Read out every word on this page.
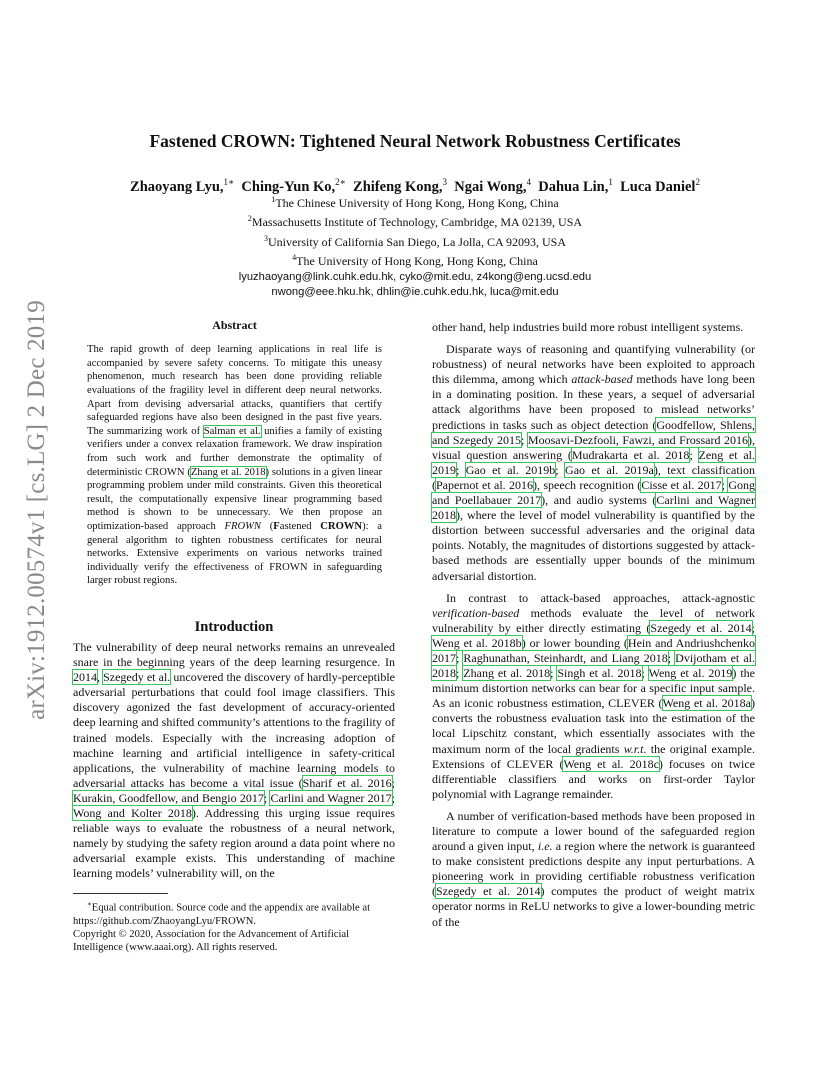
arXiv:1912.00574v1 [cs.LG] 2 Dec 2019
Fastened CROWN: Tightened Neural Network Robustness Certificates
Zhaoyang Lyu,$^{1∗}$ Ching-Yun Ko,$^{2∗}$ Zhifeng Kong,$^3$ Ngai Wong,$^4$ Dahua Lin,$^1$ Luca Daniel$^2$
$^1$The Chinese University of Hong Kong, Hong Kong, China
$^2$Massachusetts Institute of Technology, Cambridge, MA 02139, USA
$^3$University of California San Diego, La Jolla, CA 92093, USA
$^4$The University of Hong Kong, Hong Kong, China
lyuzhaoyang@link.cuhk.edu.hk, cyko@mit.edu, z4kong@eng.ucsd.edu
nwong@eee.hku.hk, dhlin@ie.cuhk.edu.hk, luca@mit.edu
Abstract

The rapid growth of deep learning applications in real life is accompanied by severe safety concerns. To mitigate this uneasy phenomenon, much research has been done providing reliable evaluations of the fragility level in different deep neural networks. Apart from devising adversarial attacks, quantifiers that certify safeguarded regions have also been designed in the past five years. The summarizing work of Salman et al. unifies a family of existing verifiers under a convex relaxation framework. We draw inspiration from such work and further demonstrate the optimality of deterministic CROWN (Zhang et al. 2018) solutions in a given linear programming problem under mild constraints. Given this theoretical result, the computationally expensive linear programming based method is shown to be unnecessary. We then propose an optimization-based approach FROWN (Fastened CROWN): a general algorithm to tighten robustness certificates for neural networks. Extensive experiments on various networks trained individually verify the effectiveness of FROWN in safeguarding larger robust regions.

Introduction

The vulnerability of deep neural networks remains an unrevealed snare in the beginning years of the deep learning resurgence. In 2014, Szegedy et al. uncovered the discovery of hardly-perceptible adversarial perturbations that could fool image classifiers. This discovery agonized the fast development of accuracy-oriented deep learning and shifted community’s attentions to the fragility of trained models. Especially with the increasing adoption of machine learning and artificial intelligence in safety-critical applications, the vulnerability of machine learning models to adversarial attacks has become a vital issue (Sharif et al. 2016; Kurakin, Goodfellow, and Bengio 2017; Carlini and Wagner 2017; Wong and Kolter 2018). Addressing this urging issue requires reliable ways to evaluate the robustness of a neural network, namely by studying the safety region around a data point where no adversarial example exists. This understanding of machine learning models’ vulnerability will, on the

∗Equal contribution. Source code and the appendix are available at https://github.com/ZhaoyangLyu/FROWN.

Copyright © 2020, Association for the Advancement of Artificial Intelligence (www.aaai.org). All rights reserved.

other hand, help industries build more robust intelligent systems.

Disparate ways of reasoning and quantifying vulnerability (or robustness) of neural networks have been exploited to approach this dilemma, among which attack-based methods have long been in a dominating position. In these years, a sequel of adversarial attack algorithms have been proposed to mislead networks’ predictions in tasks such as object detection (Goodfellow, Shlens, and Szegedy 2015; Moosavi-Dezfooli, Fawzi, and Frossard 2016), visual question answering (Mudrakarta et al. 2018; Zeng et al. 2019; Gao et al. 2019b; Gao et al. 2019a), text classification (Papernot et al. 2016), speech recognition (Cisse et al. 2017; Gong and Poellabauer 2017), and audio systems (Carlini and Wagner 2018), where the level of model vulnerability is quantified by the distortion between successful adversaries and the original data points. Notably, the magnitudes of distortions suggested by attack-based methods are essentially upper bounds of the minimum adversarial distortion.

In contrast to attack-based approaches, attack-agnostic verification-based methods evaluate the level of network vulnerability by either directly estimating (Szegedy et al. 2014; Weng et al. 2018b) or lower bounding (Hein and Andriushchenko 2017; Raghunathan, Steinhardt, and Liang 2018; Dvijotham et al. 2018; Zhang et al. 2018; Singh et al. 2018; Weng et al. 2019) the minimum distortion networks can bear for a specific input sample. As an iconic robustness estimation, CLEVER (Weng et al. 2018a) converts the robustness evaluation task into the estimation of the local Lipschitz constant, which essentially associates with the maximum norm of the local gradients w.r.t. the original example. Extensions of CLEVER (Weng et al. 2018c) focuses on twice differentiable classifiers and works on first-order Taylor polynomial with Lagrange remainder.

A number of verification-based methods have been proposed in literature to compute a lower bound of the safeguarded region around a given input, i.e. a region where the network is guaranteed to make consistent predictions despite any input perturbations. A pioneering work in providing certifiable robustness verification (Szegedy et al. 2014) computes the product of weight matrix operator norms in ReLU networks to give a lower-bounding metric of the
